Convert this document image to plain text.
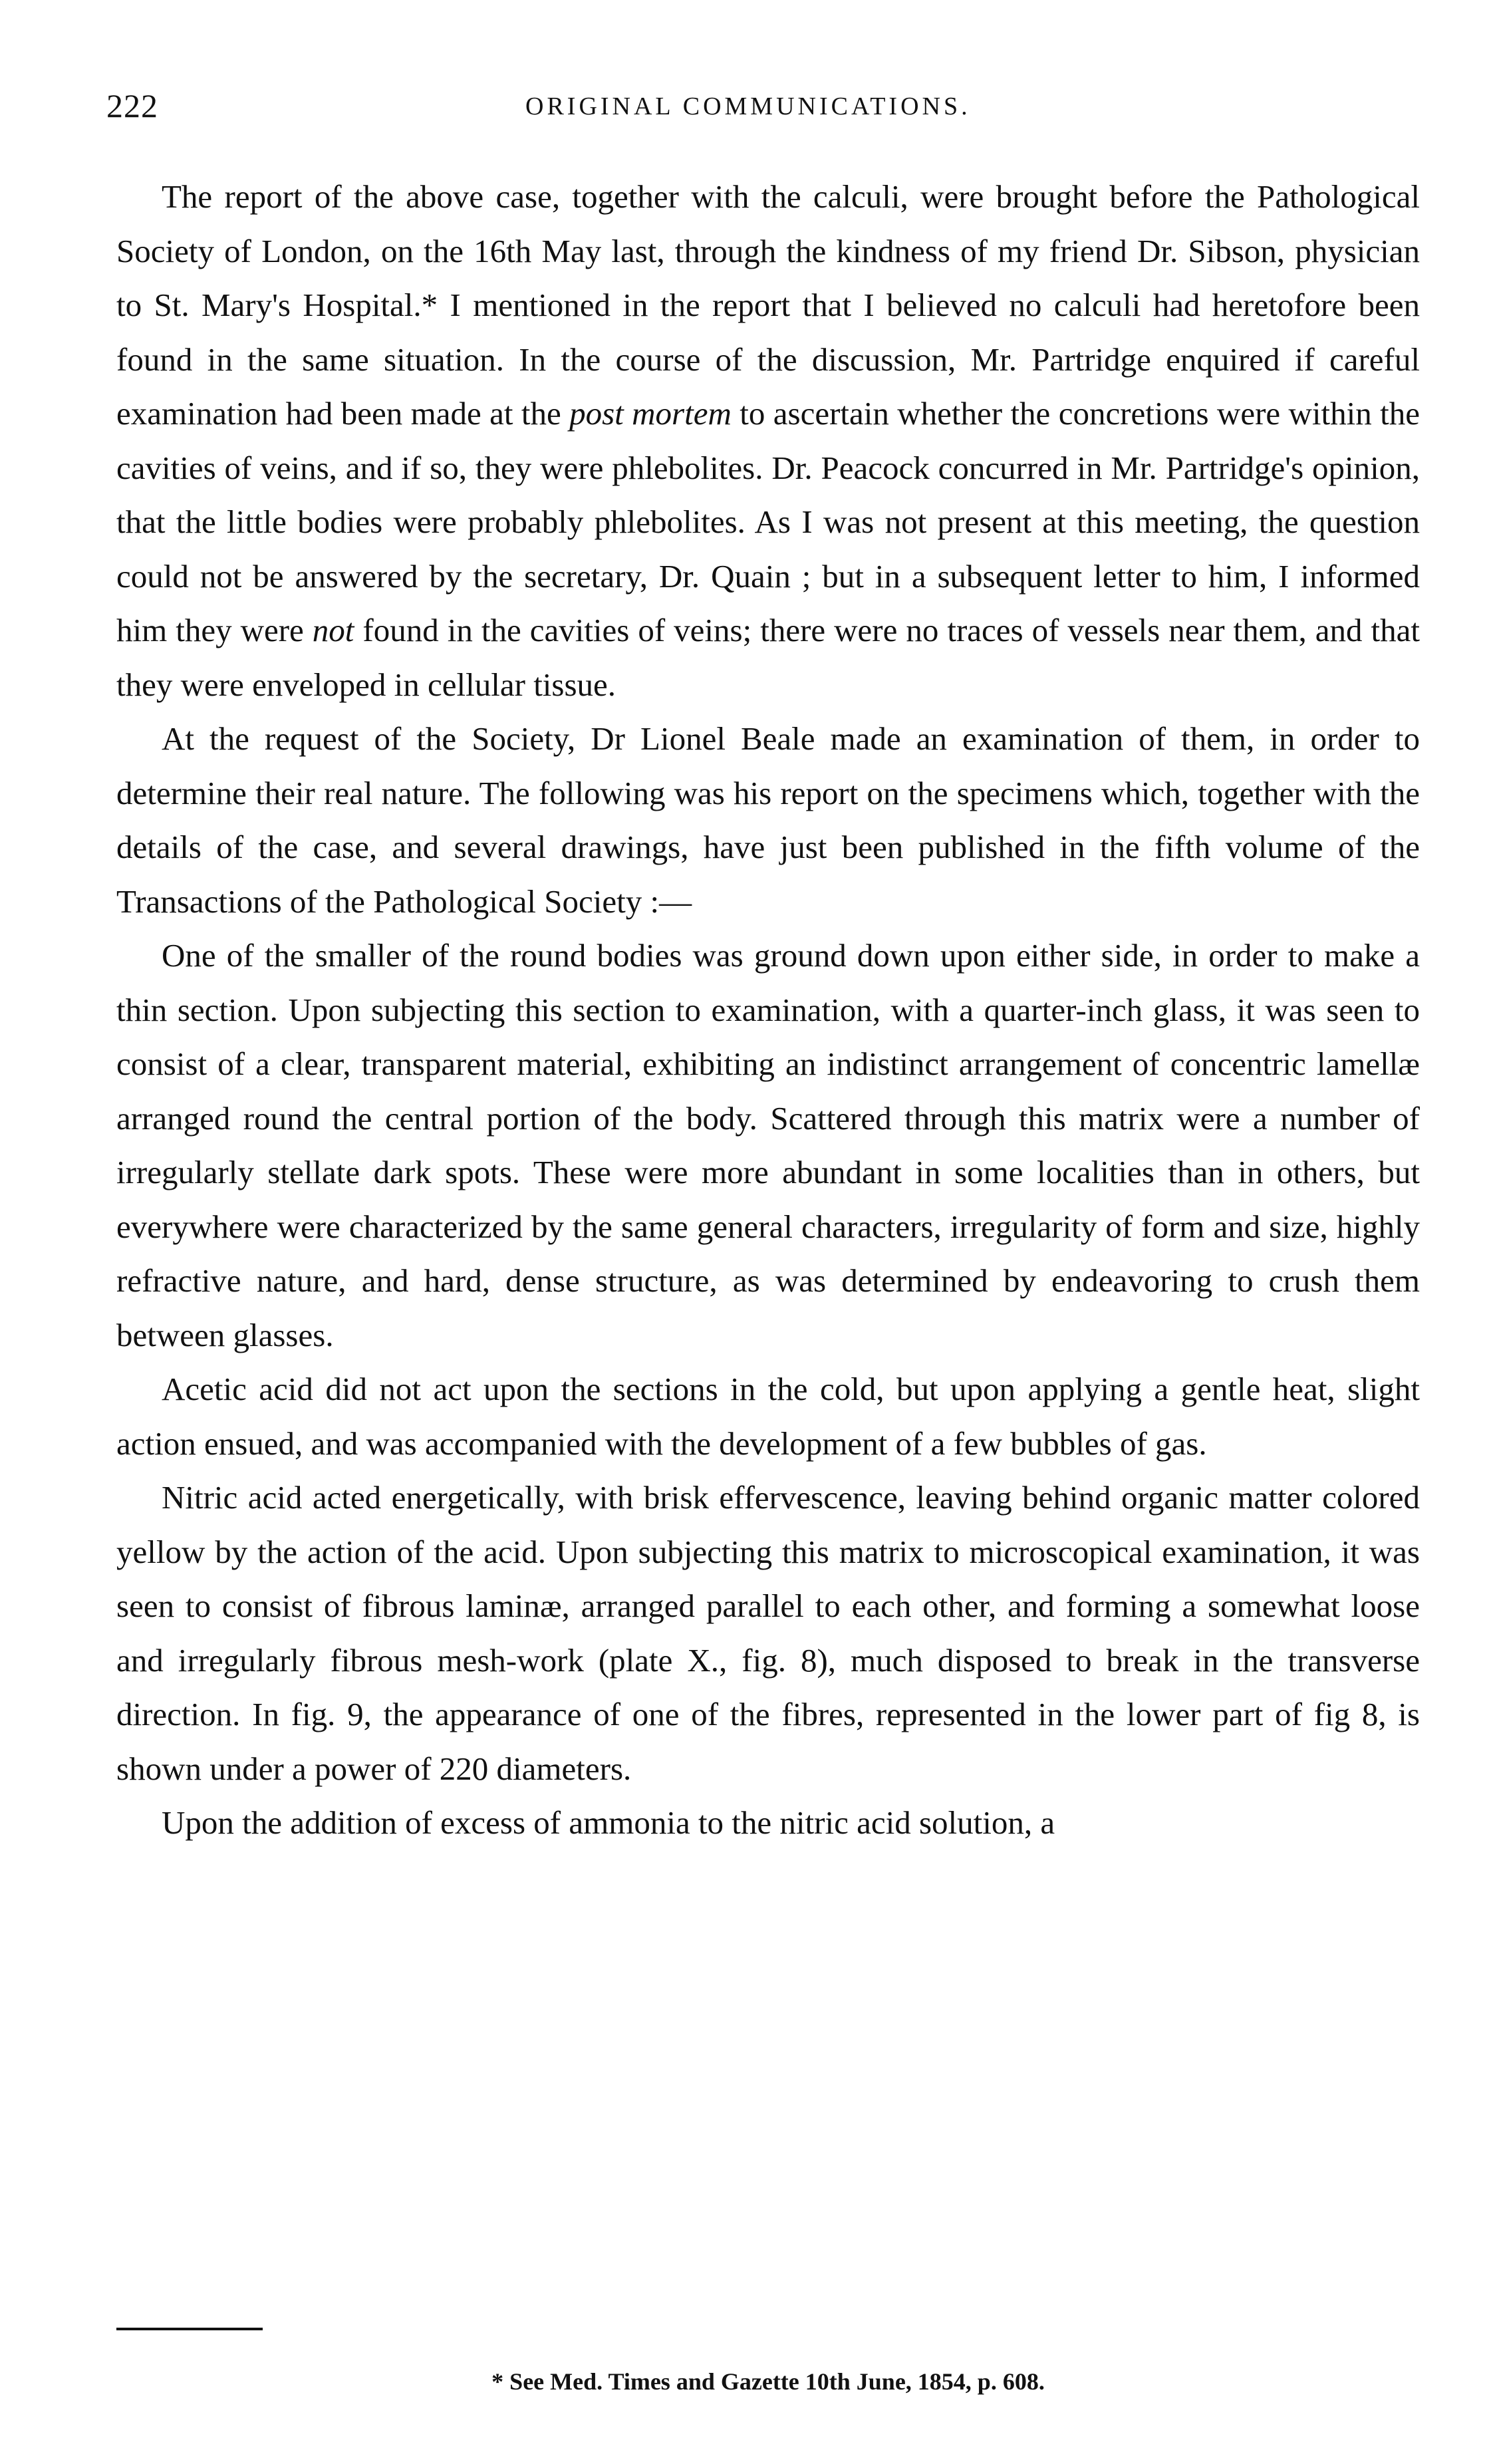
222	ORIGINAL COMMUNICATIONS.

The report of the above case, together with the calculi, were brought before the Pathological Society of London, on the 16th May last, through the kindness of my friend Dr. Sibson, physician to St. Mary's Hospital.* I mentioned in the report that I believed no calculi had heretofore been found in the same situation. In the course of the discussion, Mr. Partridge enquired if careful examination had been made at the post mortem to ascertain whether the concretions were within the cavities of veins, and if so, they were phlebolites. Dr. Peacock concurred in Mr. Partridge's opinion, that the little bodies were probably phlebolites. As I was not present at this meeting, the question could not be answered by the secretary, Dr. Quain ; but in a subsequent letter to him, I informed him they were not found in the cavities of veins; there were no traces of vessels near them, and that they were enveloped in cellular tissue.

At the request of the Society, Dr Lionel Beale made an examination of them, in order to determine their real nature. The following was his report on the specimens which, together with the details of the case, and several drawings, have just been published in the fifth volume of the Transactions of the Pathological Society :—

One of the smaller of the round bodies was ground down upon either side, in order to make a thin section. Upon subjecting this section to examination, with a quarter-inch glass, it was seen to consist of a clear, transparent material, exhibiting an indistinct arrangement of concentric lamellæ arranged round the central portion of the body. Scattered through this matrix were a number of irregularly stellate dark spots. These were more abundant in some localities than in others, but everywhere were characterized by the same general characters, irregularity of form and size, highly refractive nature, and hard, dense structure, as was determined by endeavoring to crush them between glasses.

Acetic acid did not act upon the sections in the cold, but upon applying a gentle heat, slight action ensued, and was accompanied with the development of a few bubbles of gas.

Nitric acid acted energetically, with brisk effervescence, leaving behind organic matter colored yellow by the action of the acid. Upon subjecting this matrix to microscopical examination, it was seen to consist of fibrous laminæ, arranged parallel to each other, and forming a somewhat loose and irregularly fibrous mesh-work (plate X., fig. 8), much disposed to break in the transverse direction. In fig. 9, the appearance of one of the fibres, represented in the lower part of fig 8, is shown under a power of 220 diameters.

Upon the addition of excess of ammonia to the nitric acid solution, a

* See Med. Times and Gazette 10th June, 1854, p. 608.
